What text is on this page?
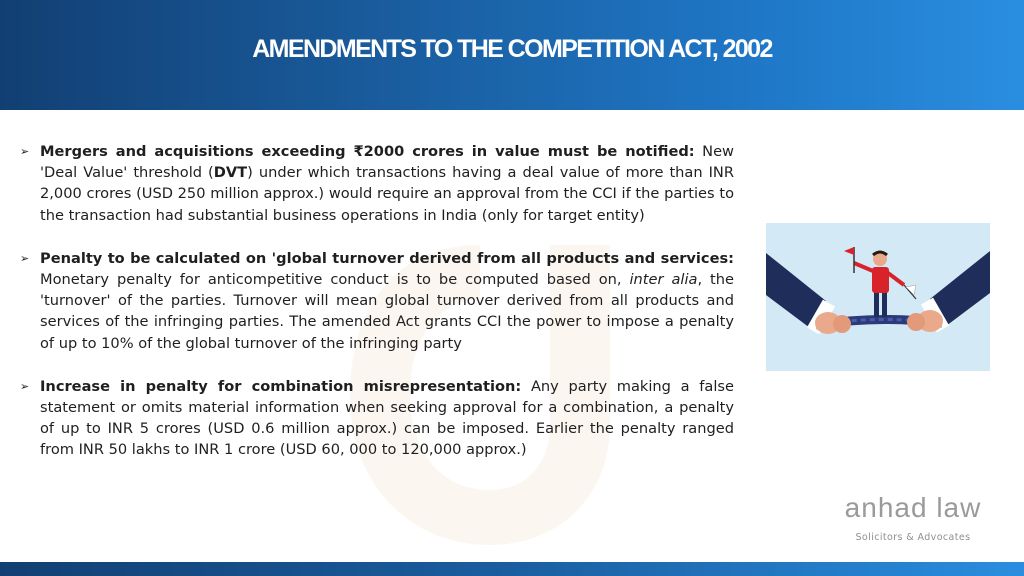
AMENDMENTS TO THE COMPETITION ACT, 2002
➢ Mergers and acquisitions exceeding ₹2000 crores in value must be notified: New 'Deal Value' threshold (DVT) under which transactions having a deal value of more than INR 2,000 crores (USD 250 million approx.) would require an approval from the CCI if the parties to the transaction had substantial business operations in India (only for target entity)
➢ Penalty to be calculated on 'global turnover derived from all products and services: Monetary penalty for anticompetitive conduct is to be computed based on, inter alia, the 'turnover' of the parties. Turnover will mean global turnover derived from all products and services of the infringing parties. The amended Act grants CCI the power to impose a penalty of up to 10% of the global turnover of the infringing party
➢ Increase in penalty for combination misrepresentation: Any party making a false statement or omits material information when seeking approval for a combination, a penalty of up to INR 5 crores (USD 0.6 million approx.) can be imposed. Earlier the penalty ranged from INR 50 lakhs to INR 1 crore (USD 60, 000 to 120,000 approx.)
anhad law
Solicitors & Advocates
